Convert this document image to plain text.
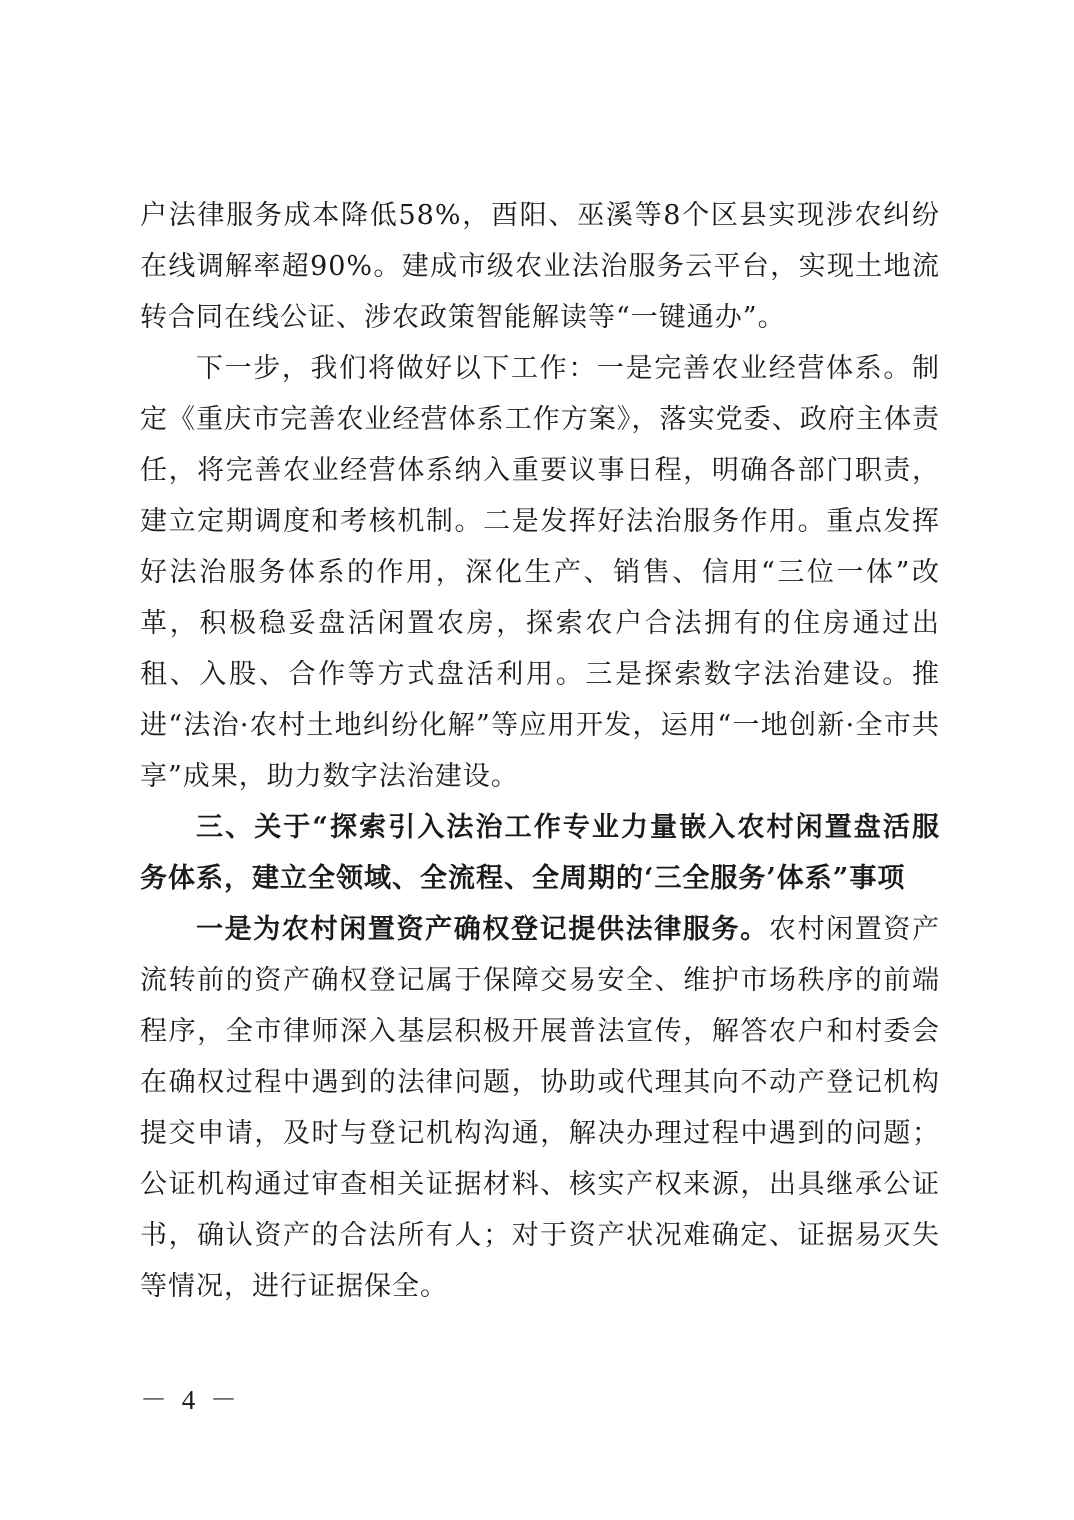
户法律服务成本降低58%，酉阳、巫溪等8个区县实现涉农纠纷在线调解率超90%。建成市级农业法治服务云平台，实现土地流转合同在线公证、涉农政策智能解读等“一键通办”。

下一步，我们将做好以下工作：一是完善农业经营体系。制定《重庆市完善农业经营体系工作方案》，落实党委、政府主体责任，将完善农业经营体系纳入重要议事日程，明确各部门职责，建立定期调度和考核机制。二是发挥好法治服务作用。重点发挥好法治服务体系的作用，深化生产、销售、信用“三位一体”改革，积极稳妥盘活闲置农房，探索农户合法拥有的住房通过出租、入股、合作等方式盘活利用。三是探索数字法治建设。推进“法治·农村土地纠纷化解”等应用开发，运用“一地创新·全市共享”成果，助力数字法治建设。

三、关于“探索引入法治工作专业力量嵌入农村闲置盘活服务体系，建立全领域、全流程、全周期的‘三全服务’体系”事项

一是为农村闲置资产确权登记提供法律服务。农村闲置资产流转前的资产确权登记属于保障交易安全、维护市场秩序的前端程序，全市律师深入基层积极开展普法宣传，解答农户和村委会在确权过程中遇到的法律问题，协助或代理其向不动产登记机构提交申请，及时与登记机构沟通，解决办理过程中遇到的问题；公证机构通过审查相关证据材料、核实产权来源，出具继承公证书，确认资产的合法所有人；对于资产状况难确定、证据易灭失等情况，进行证据保全。

－ 4 －
